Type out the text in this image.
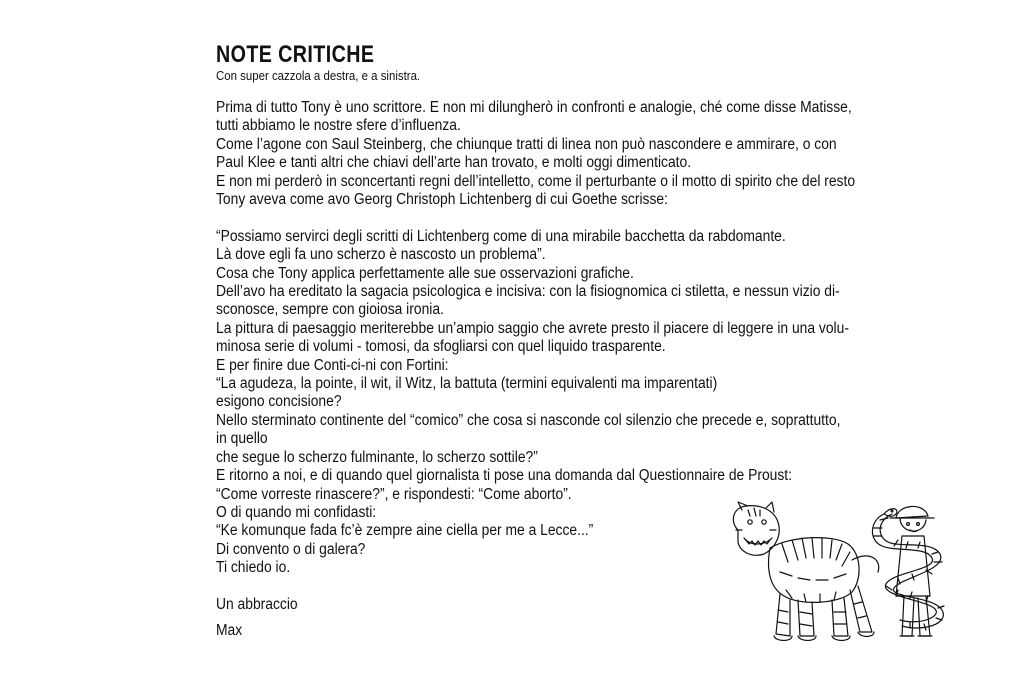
NOTE CRITICHE

Con super cazzola a destra, e a sinistra.

Prima di tutto Tony è uno scrittore. E non mi dilungherò in confronti e analogie, ché come disse Matisse,
tutti abbiamo le nostre sfere d’influenza.
Come l’agone con Saul Steinberg, che chiunque tratti di linea non può nascondere e ammirare, o con
Paul Klee e tanti altri che chiavi dell’arte han trovato, e molti oggi dimenticato.
E non mi perderò in sconcertanti regni dell’intelletto, come il perturbante o il motto di spirito che del resto
Tony aveva come avo Georg Christoph Lichtenberg di cui Goethe scrisse:
“Possiamo servirci degli scritti di Lichtenberg come di una mirabile bacchetta da rabdomante.
Là dove egli fa uno scherzo è nascosto un problema”.
Cosa che Tony applica perfettamente alle sue osservazioni grafiche.
Dell’avo ha ereditato la sagacia psicologica e incisiva: con la fisiognomica ci stiletta, e nessun vizio di-
sconosce, sempre con gioiosa ironia.
La pittura di paesaggio meriterebbe un’ampio saggio che avrete presto il piacere di leggere in una volu-
minosa serie di volumi - tomosi, da sfogliarsi con quel liquido trasparente.
E per finire due Conti-ci-ni con Fortini:
“La agudeza, la pointe, il wit, il Witz, la battuta (termini equivalenti ma imparentati)
esigono concisione?
Nello sterminato continente del “comico” che cosa si nasconde col silenzio che precede e, soprattutto,
in quello
che segue lo scherzo fulminante, lo scherzo sottile?”
E ritorno a noi, e di quando quel giornalista ti pose una domanda dal Questionnaire de Proust:
“Come vorreste rinascere?”, e rispondesti: “Come aborto”.
O di quando mi confidasti:
“Ke komunque fada fc’è zempre aine ciella per me a Lecce...”
Di convento o di galera?
Ti chiedo io.
Un abbraccio
Max
